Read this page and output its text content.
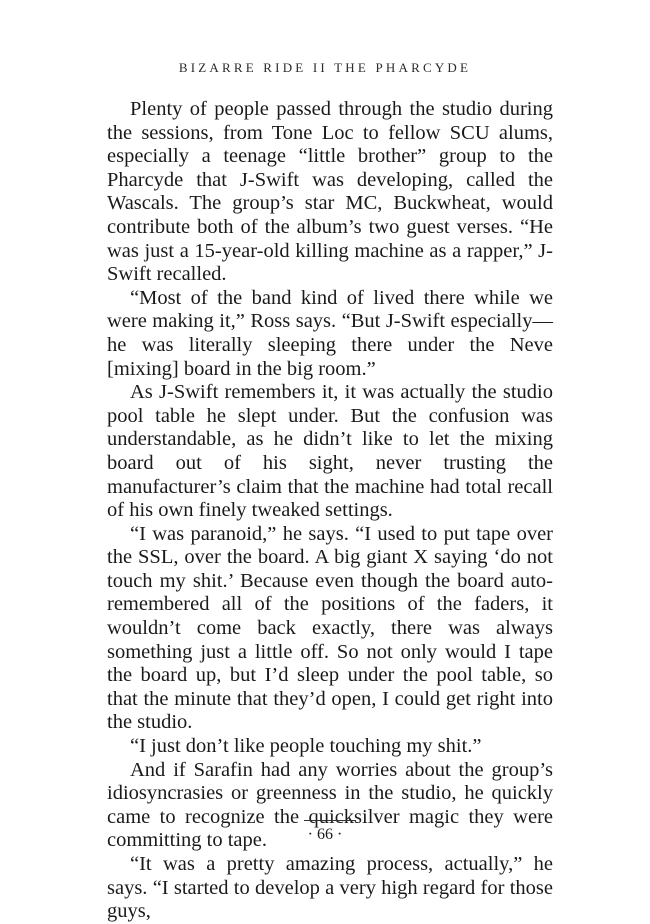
BIZARRE RIDE II THE PHARCYDE

Plenty of people passed through the studio during the sessions, from Tone Loc to fellow SCU alums, especially a teenage “little brother” group to the Pharcyde that J-Swift was developing, called the Wascals. The group’s star MC, Buckwheat, would contribute both of the album’s two guest verses. “He was just a 15-year-old killing machine as a rapper,” J-Swift recalled.

“Most of the band kind of lived there while we were making it,” Ross says. “But J-Swift especially—he was literally sleeping there under the Neve [mixing] board in the big room.”

As J-Swift remembers it, it was actually the studio pool table he slept under. But the confusion was understandable, as he didn’t like to let the mixing board out of his sight, never trusting the manufacturer’s claim that the machine had total recall of his own finely tweaked settings.

“I was paranoid,” he says. “I used to put tape over the SSL, over the board. A big giant X saying ‘do not touch my shit.’ Because even though the board auto-remembered all of the positions of the faders, it wouldn’t come back exactly, there was always something just a little off. So not only would I tape the board up, but I’d sleep under the pool table, so that the minute that they’d open, I could get right into the studio.

“I just don’t like people touching my shit.”

And if Sarafin had any worries about the group’s idiosyncrasies or greenness in the studio, he quickly came to recognize the quicksilver magic they were committing to tape.

“It was a pretty amazing process, actually,” he says. “I started to develop a very high regard for those guys,

· 66 ·
